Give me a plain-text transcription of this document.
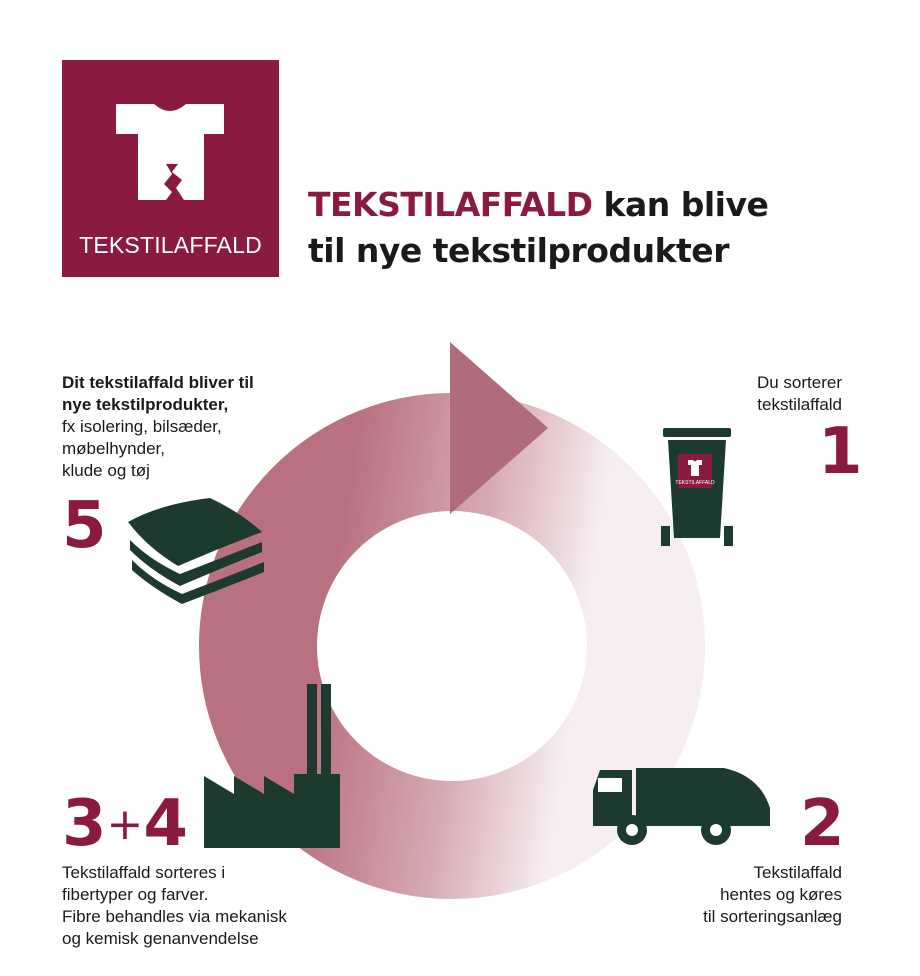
TEKSTILAFFALD
TEKSTILAFFALD kan blive
til nye tekstilprodukter
TEKSTILAFFALD
Du sorterer
tekstilaffald
1
2
Tekstilaffald
hentes og køres
til sorteringsanlæg
3+4
Tekstilaffald sorteres i
fibertyper og farver.
Fibre behandles via mekanisk
og kemisk genanvendelse
Dit tekstilaffald bliver til
nye tekstilprodukter,
fx isolering, bilsæder,
møbelhynder,
klude og tøj
5
